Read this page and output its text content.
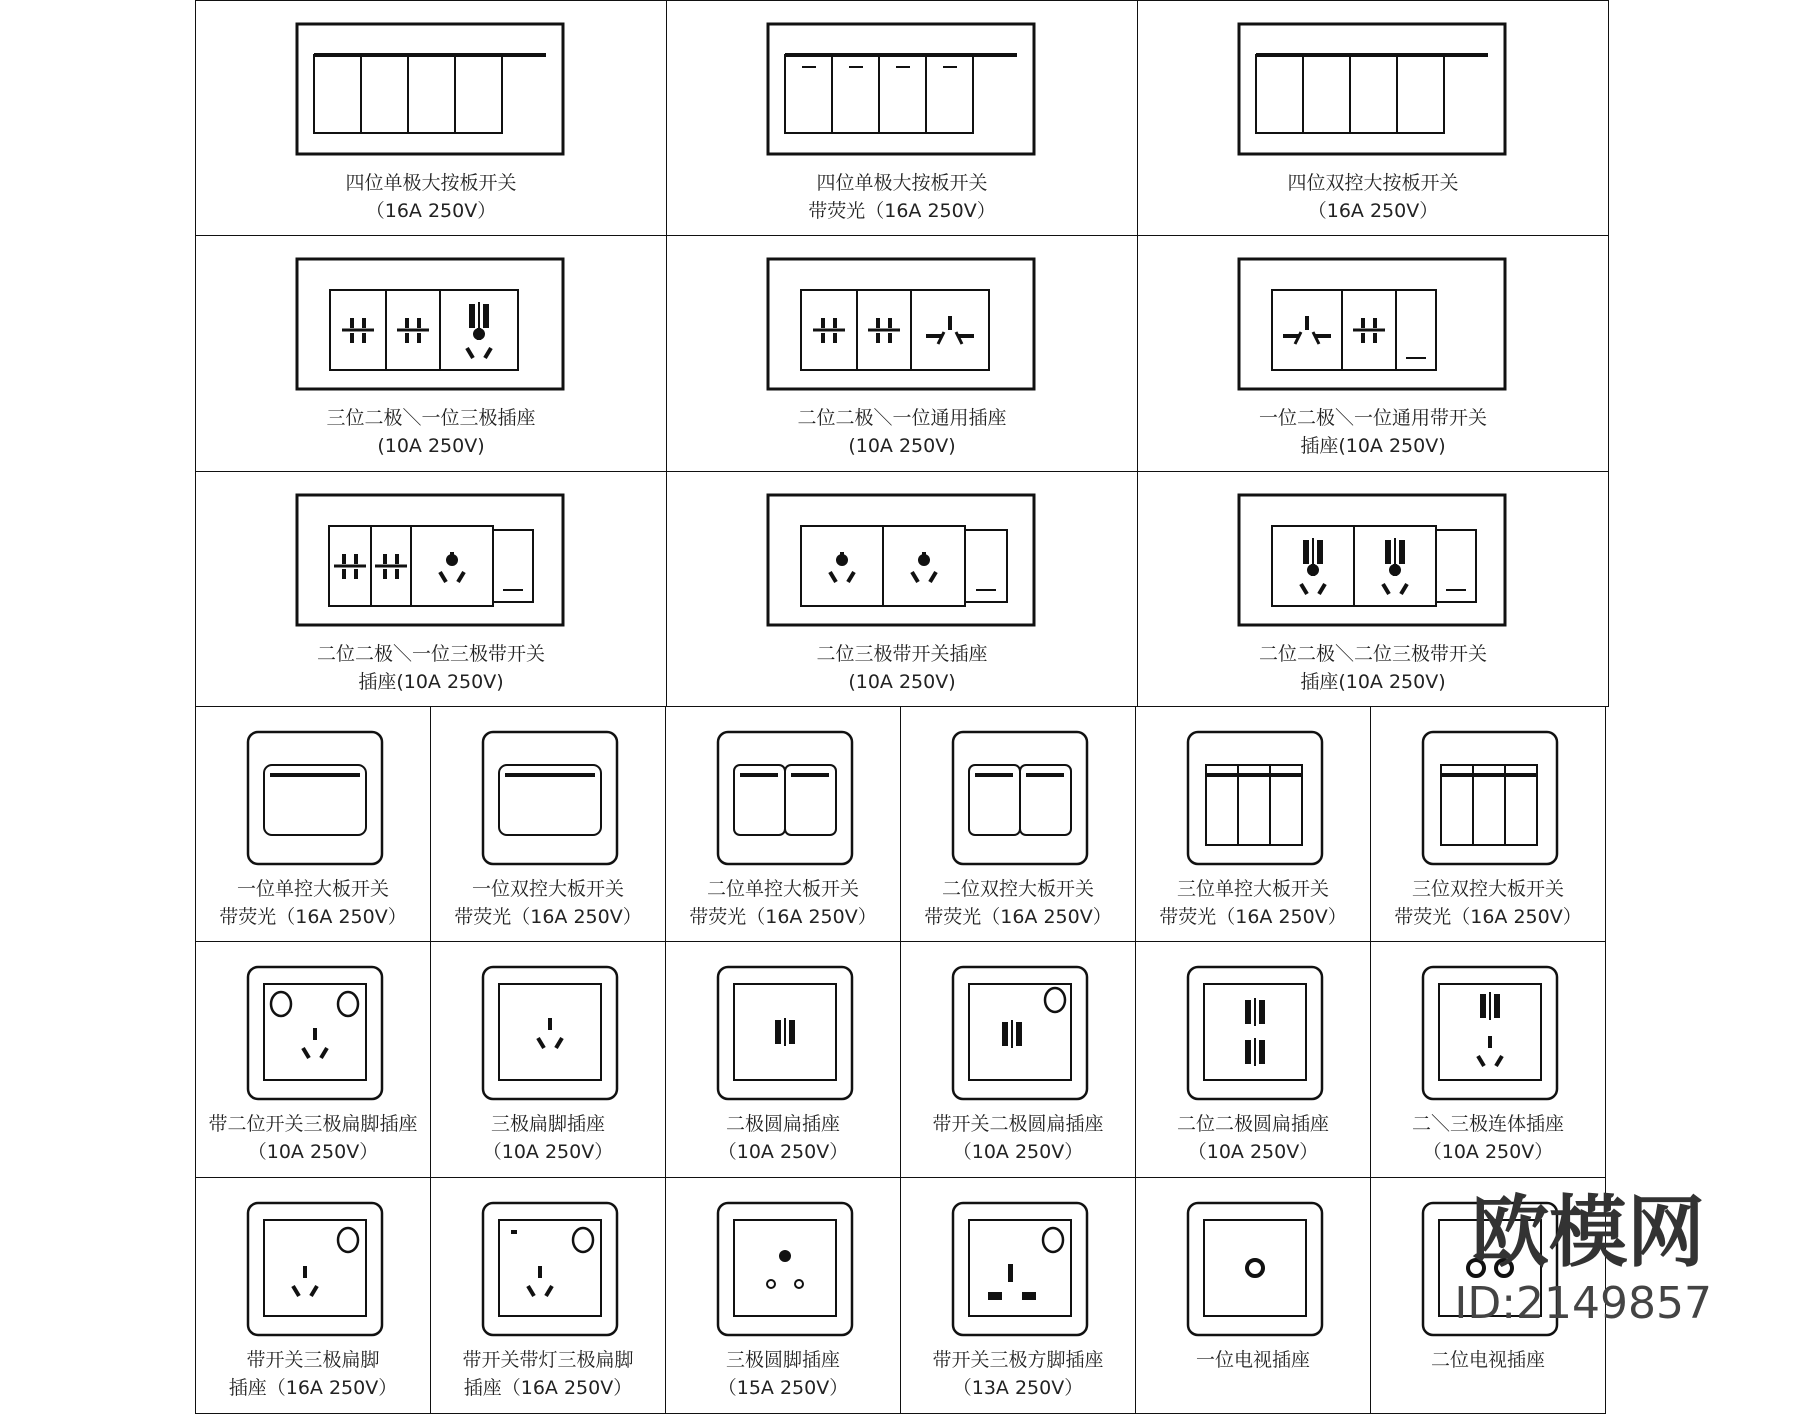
四位单极大按板开关
（16A 250V）
四位单极大按板开关
带荧光（16A 250V）
四位双控大按板开关
（16A 250V）
三位二极＼一位三极插座
(10A 250V)
二位二极＼一位通用插座
(10A 250V)
一位二极＼一位通用带开关
插座(10A 250V)
二位二极＼一位三极带开关
插座(10A 250V)
二位三极带开关插座
(10A 250V)
二位二极＼二位三极带开关
插座(10A 250V)
一位单控大板开关
带荧光（16A 250V）
一位双控大板开关
带荧光（16A 250V）
二位单控大板开关
带荧光（16A 250V）
二位双控大板开关
带荧光（16A 250V）
三位单控大板开关
带荧光（16A 250V）
三位双控大板开关
带荧光（16A 250V）
带二位开关三极扁脚插座
（10A 250V）
三极扁脚插座
（10A 250V）
二极圆扁插座
（10A 250V）
带开关二极圆扁插座
（10A 250V）
二位二极圆扁插座
（10A 250V）
二＼三极连体插座
（10A 250V）
带开关三极扁脚
插座（16A 250V）
带开关带灯三极扁脚
插座（16A 250V）
三极圆脚插座
（15A 250V）
带开关三极方脚插座
（13A 250V）
一位电视插座	二位电视插座
欧模网
ID:2149857
